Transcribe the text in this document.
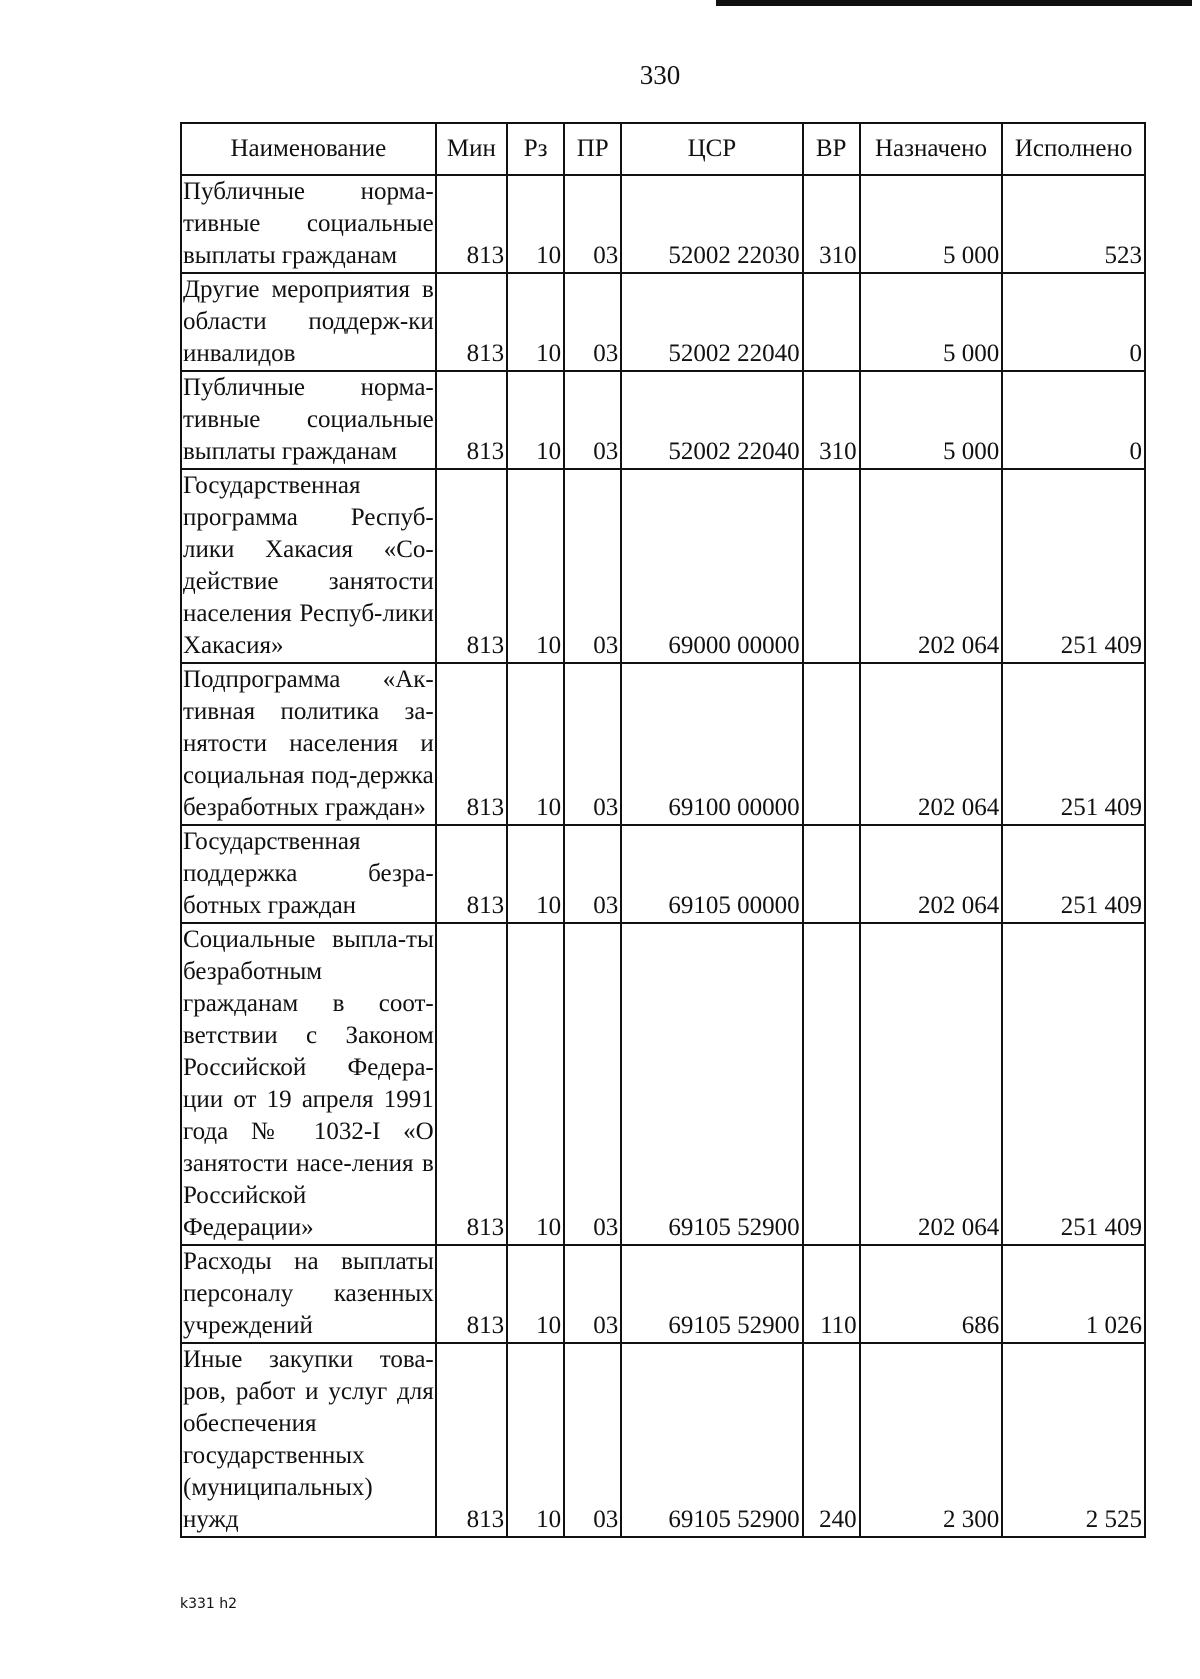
330
Наименование	Мин	Рз	ПР	ЦСР	ВР	Назначено	Исполнено
Публичные норма-тивные социальные выплаты гражданам	813	10	03	52002 22030	310	5 000	523
Другие мероприятия в области поддерж-ки инвалидов	813	10	03	52002 22040		5 000	0
Публичные норма-тивные социальные выплаты гражданам	813	10	03	52002 22040	310	5 000	0
Государственная программа Респуб-лики Хакасия «Со-действие занятости населения Респуб-лики Хакасия»	813	10	03	69000 00000		202 064	251 409
Подпрограмма «Ак-тивная политика за-нятости населения и социальная под-держка безработных граждан»	813	10	03	69100 00000		202 064	251 409
Государственная поддержка безра-ботных граждан	813	10	03	69105 00000		202 064	251 409
Социальные выпла-ты безработным гражданам в соот-ветствии с Законом Российской Федера-ции от 19 апреля 1991 года № 1032-I «О занятости насе-ления в Российской Федерации»	813	10	03	69105 52900		202 064	251 409
Расходы на выплаты персоналу казенных учреждений	813	10	03	69105 52900	110	686	1 026
Иные закупки това-ров, работ и услуг для обеспечения государственных (муниципальных) нужд	813	10	03	69105 52900	240	2 300	2 525
k331 h2
